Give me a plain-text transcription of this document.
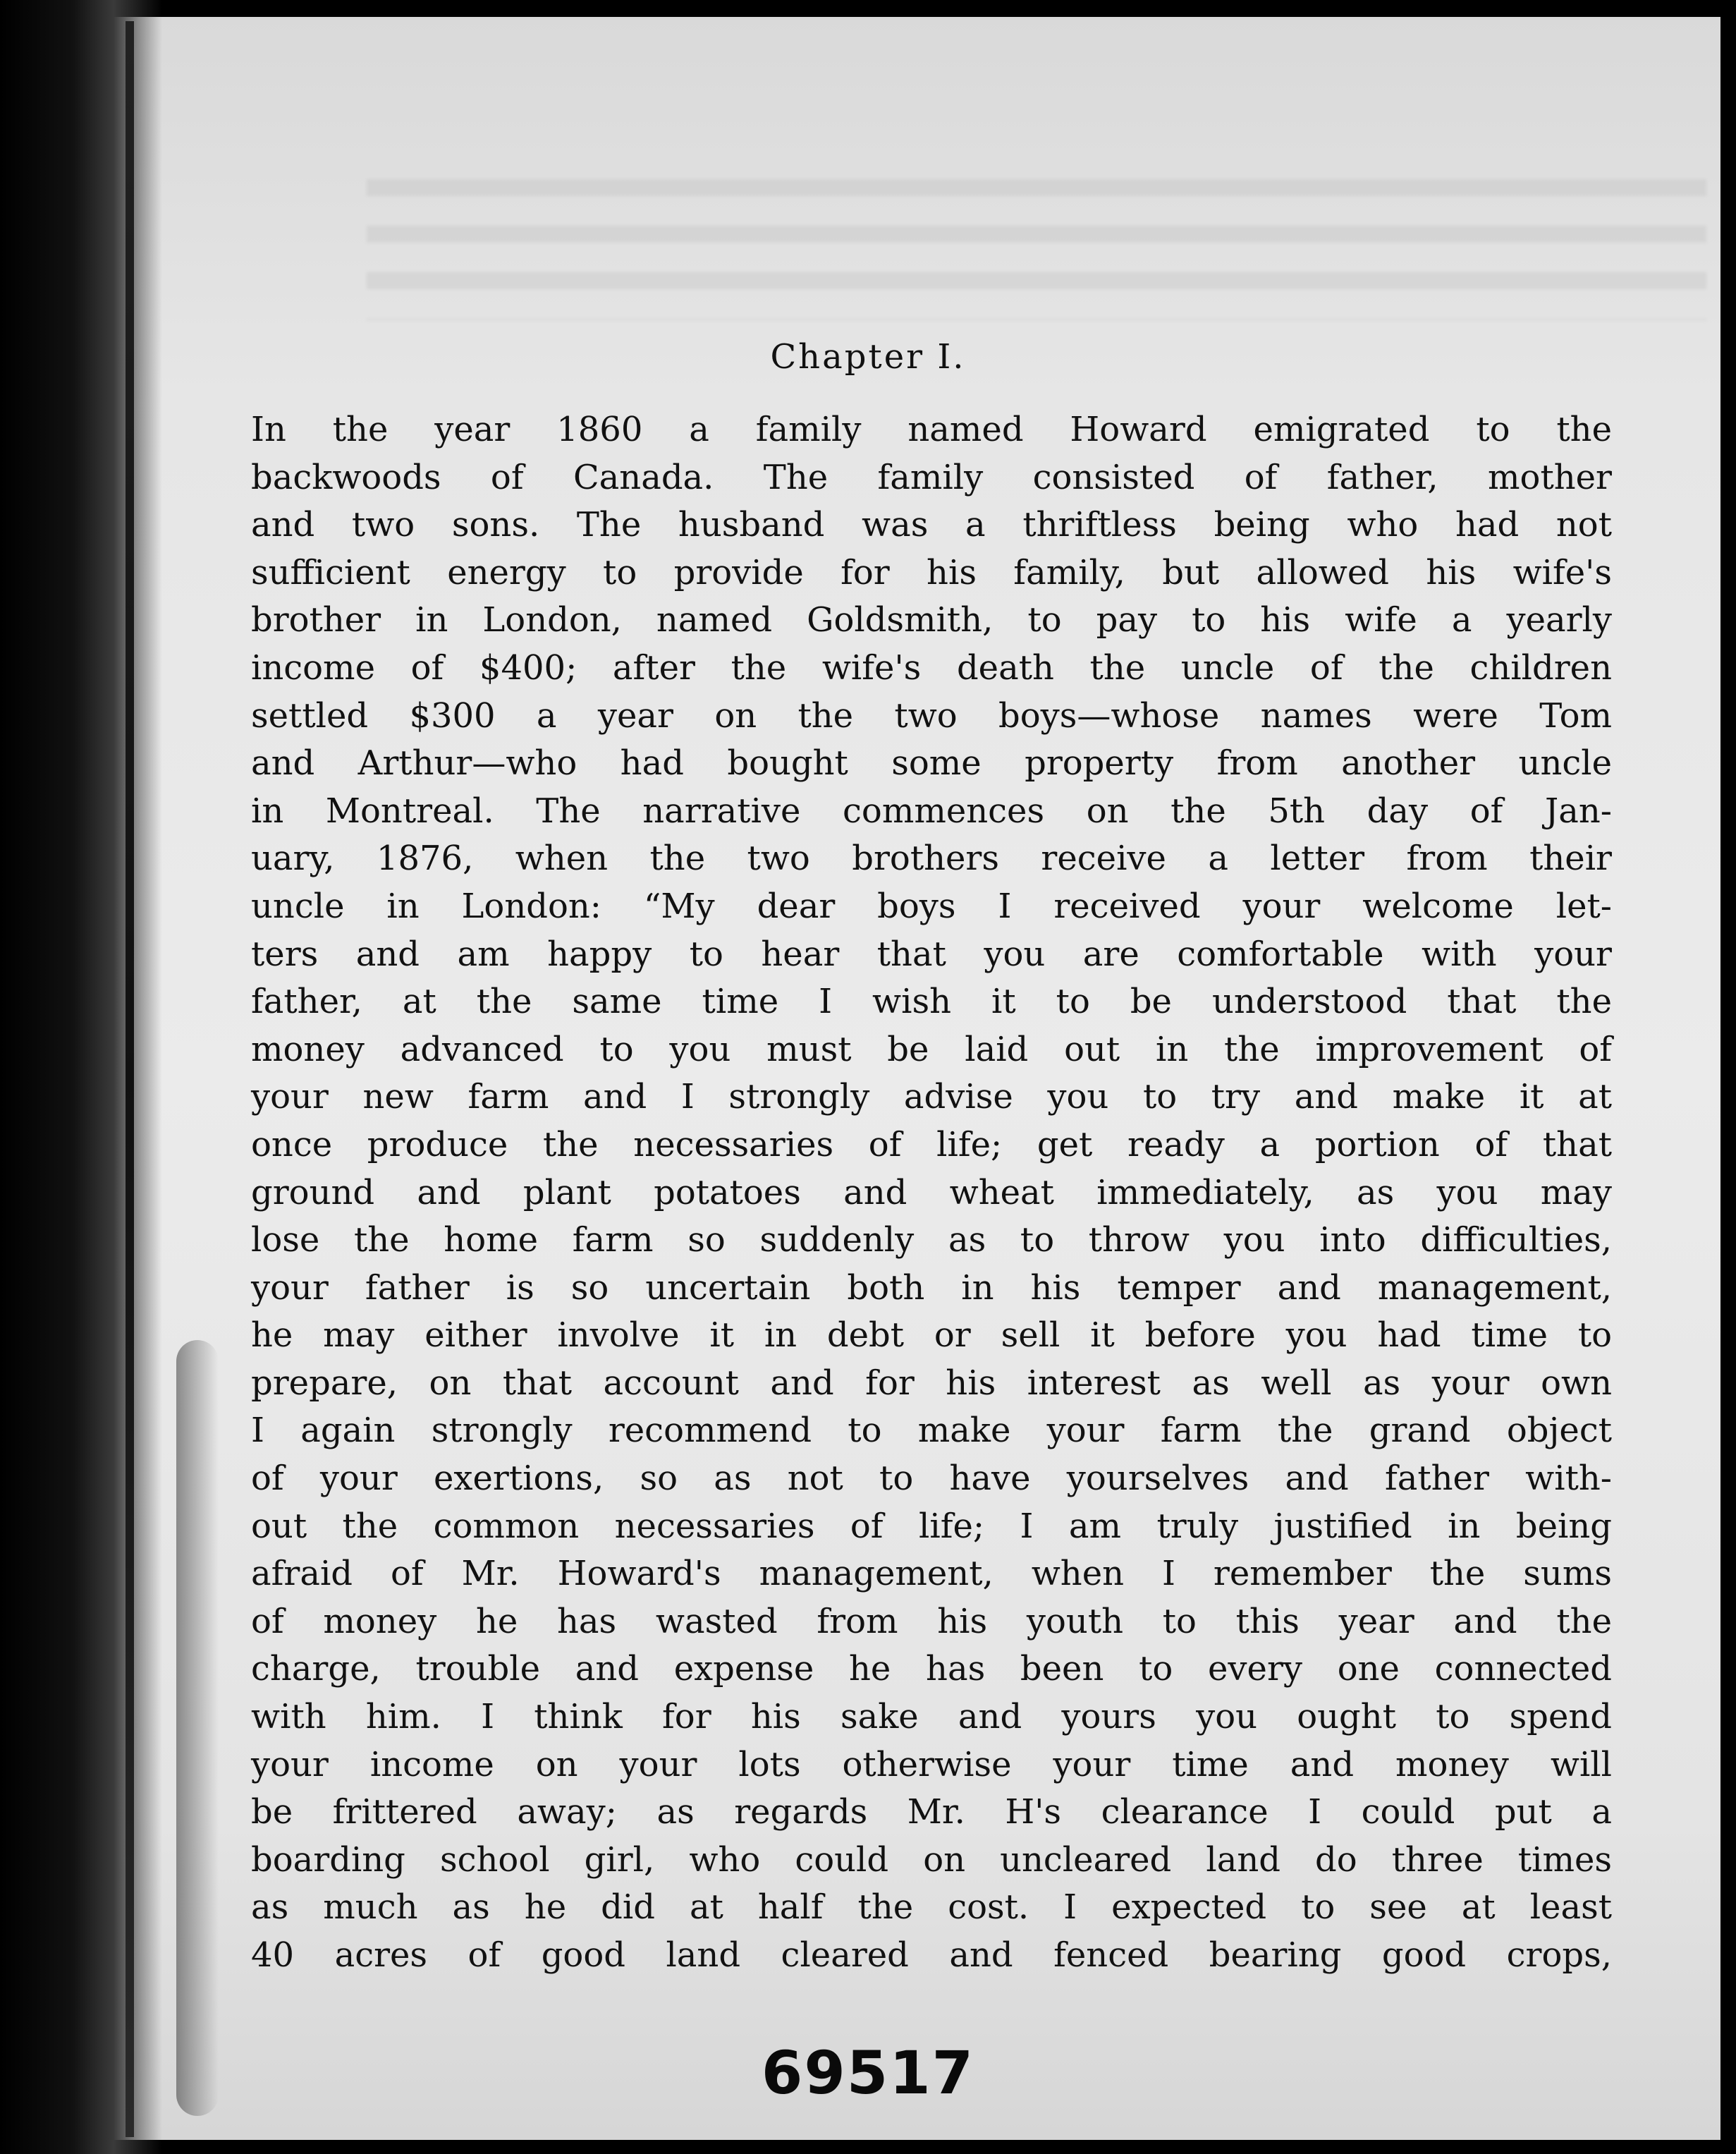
Chapter I.
In the year 1860 a family named Howard emigrated to the
backwoods of Canada. The family consisted of father, mother
and two sons. The husband was a thriftless being who had not
sufficient energy to provide for his family, but allowed his wife's
brother in London, named Goldsmith, to pay to his wife a yearly
income of $400; after the wife's death the uncle of the children
settled $300 a year on the two boys—whose names were Tom
and Arthur—who had bought some property from another uncle
in Montreal. The narrative commences on the 5th day of Jan-
uary, 1876, when the two brothers receive a letter from their
uncle in London: “My dear boys I received your welcome let-
ters and am happy to hear that you are comfortable with your
father, at the same time I wish it to be understood that the
money advanced to you must be laid out in the improvement of
your new farm and I strongly advise you to try and make it at
once produce the necessaries of life; get ready a portion of that
ground and plant potatoes and wheat immediately, as you may
lose the home farm so suddenly as to throw you into difficulties,
your father is so uncertain both in his temper and management,
he may either involve it in debt or sell it before you had time to
prepare, on that account and for his interest as well as your own
I again strongly recommend to make your farm the grand object
of your exertions, so as not to have yourselves and father with-
out the common necessaries of life; I am truly justified in being
afraid of Mr. Howard's management, when I remember the sums
of money he has wasted from his youth to this year and the
charge, trouble and expense he has been to every one connected
with him. I think for his sake and yours you ought to spend
your income on your lots otherwise your time and money will
be frittered away; as regards Mr. H's clearance I could put a
boarding school girl, who could on uncleared land do three times
as much as he did at half the cost. I expected to see at least
40 acres of good land cleared and fenced bearing good crops,
69517
